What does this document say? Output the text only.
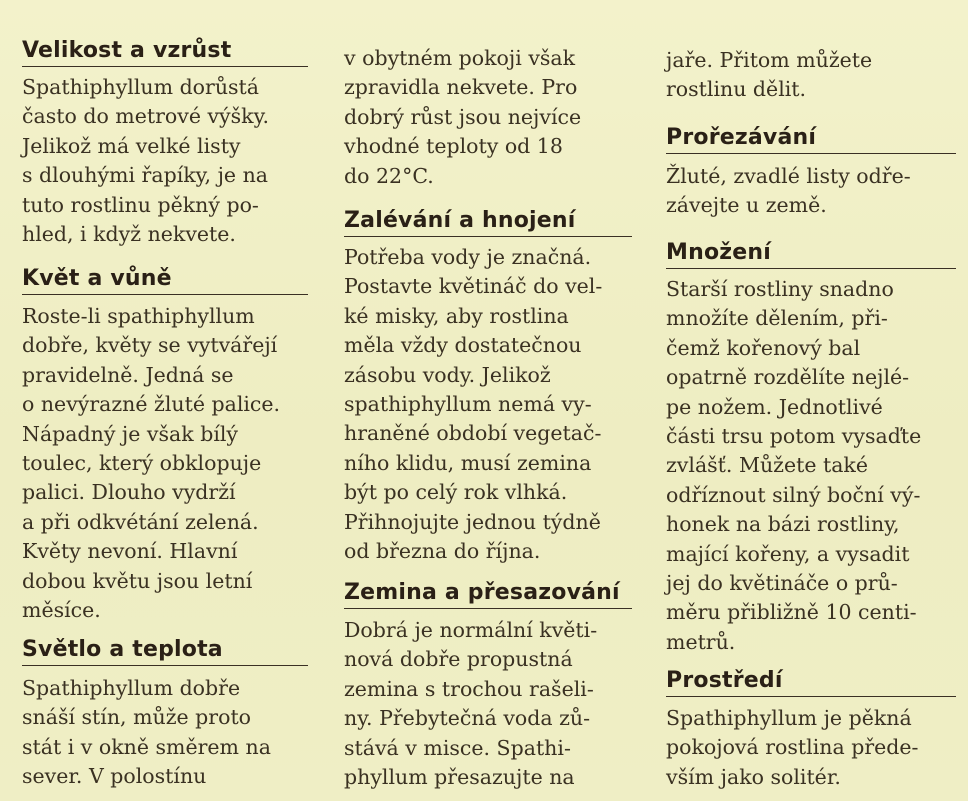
Velikost a vzrůst
Spathiphyllum dorůstá
často do metrové výšky.
Jelikož má velké listy
s dlouhými řapíky, je na
tuto rostlinu pěkný po-
hled, i když nekvete.
Květ a vůně
Roste-li spathiphyllum
dobře, květy se vytvářejí
pravidelně. Jedná se
o nevýrazné žluté palice.
Nápadný je však bílý
toulec, který obklopuje
palici. Dlouho vydrží
a při odkvétání zelená.
Květy nevoní. Hlavní
dobou květu jsou letní
měsíce.
Světlo a teplota
Spathiphyllum dobře
snáší stín, může proto
stát i v okně směrem na
sever. V polostínu
v obytném pokoji však
zpravidla nekvete. Pro
dobrý růst jsou nejvíce
vhodné teploty od 18
do 22°C.
Zalévání a hnojení
Potřeba vody je značná.
Postavte květináč do vel-
ké misky, aby rostlina
měla vždy dostatečnou
zásobu vody. Jelikož
spathiphyllum nemá vy-
hraněné období vegetač-
ního klidu, musí zemina
být po celý rok vlhká.
Přihnojujte jednou týdně
od března do října.
Zemina a přesazování
Dobrá je normální květi-
nová dobře propustná
zemina s trochou rašeli-
ny. Přebytečná voda zů-
stává v misce. Spathi-
phyllum přesazujte na
jaře. Přitom můžete
rostlinu dělit.
Prořezávání
Žluté, zvadlé listy odře-
závejte u země.
Množení
Starší rostliny snadno
množíte dělením, při-
čemž kořenový bal
opatrně rozdělíte nejlé-
pe nožem. Jednotlivé
části trsu potom vysaďte
zvlášť. Můžete také
odříznout silný boční vý-
honek na bázi rostliny,
mající kořeny, a vysadit
jej do květináče o prů-
měru přibližně 10 centi-
metrů.
Prostředí
Spathiphyllum je pěkná
pokojová rostlina přede-
vším jako solitér.
